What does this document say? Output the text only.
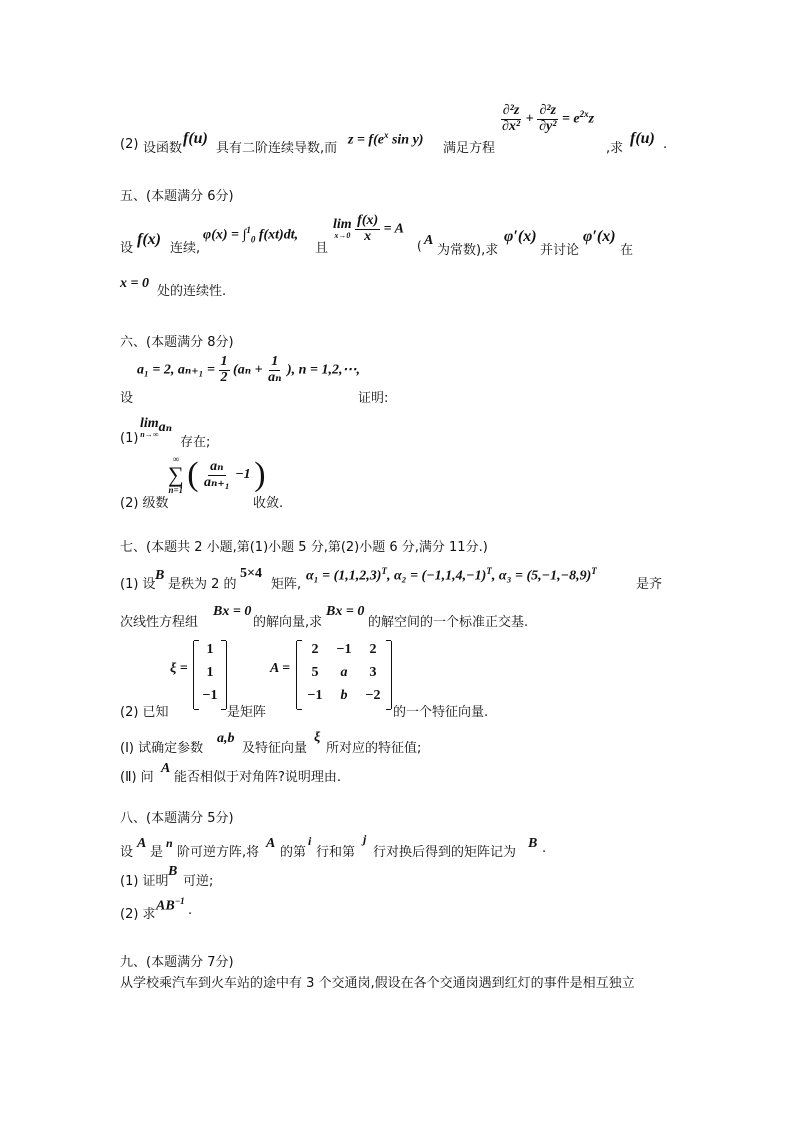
(2) 设函数
f(u)
具有二阶连续导数,而
$z = f(e^x$ sin y)
满足方程
$\frac{\text{∂²z}}{\text{∂x²}} + \frac{\text{∂²z}}{\text{∂y²}} = e^{2x}z$
,求
f(u) .
五、(本题满分 6分)
设
f(x)
连续,
φ(x) = ∫$^1_0$ f(xt)dt,
且
lim
x→0
$\frac{f(x)}{x} = A$
( A
为常数),求
φ′(x)
并讨论
φ′(x)
在
x = 0
处的连续性.
六、(本题满分 8分)
a₁ = 2, $a_{n+1} = \frac{1}{2} (a_n + \frac{1}{\text{aₙ}}$ ), n = 1,2,⋯,
设	证明:
(1)
lim
n→∞ aₙ
存在;
(2) 级数
∞
∑
n=1 ( $\frac{\text{aₙ}}{\text{aₙ₊₁}} -1$ )
收敛.
七、(本题共 2 小题,第(1)小题 5 分,第(2)小题 6 分,满分 11分.)
(1) 设
B
是秩为 2 的
5×4
矩阵,
$\alpha_1 = (1,1,2,3)^T$, $\alpha_2 = (-1,1,4,-1)^T$, $\alpha_3 = (5,-1,-8,9)^T$
是齐
次线性方程组
Bx = 0
的解向量,求
Bx = 0
的解空间的一个标准正交基.
(2) 已知
ξ =
1
1
−1
是矩阵
A =
2	−1	2
5	a	3
−1	b	−2
的一个特征向量.
(Ⅰ) 试确定参数
a,b
及特征向量
ξ
所对应的特征值;
(Ⅱ) 问
A
能否相似于对角阵?说明理由.
八、(本题满分 5分)
设
A
是
n
阶可逆方阵,将
A
的第
i
行和第
j
行对换后得到的矩阵记为
B .
(1) 证明
B
可逆;
(2) 求
$AB^{-1}$
.
九、(本题满分 7分)
从学校乘汽车到火车站的途中有 3 个交通岗,假设在各个交通岗遇到红灯的事件是相互独立
